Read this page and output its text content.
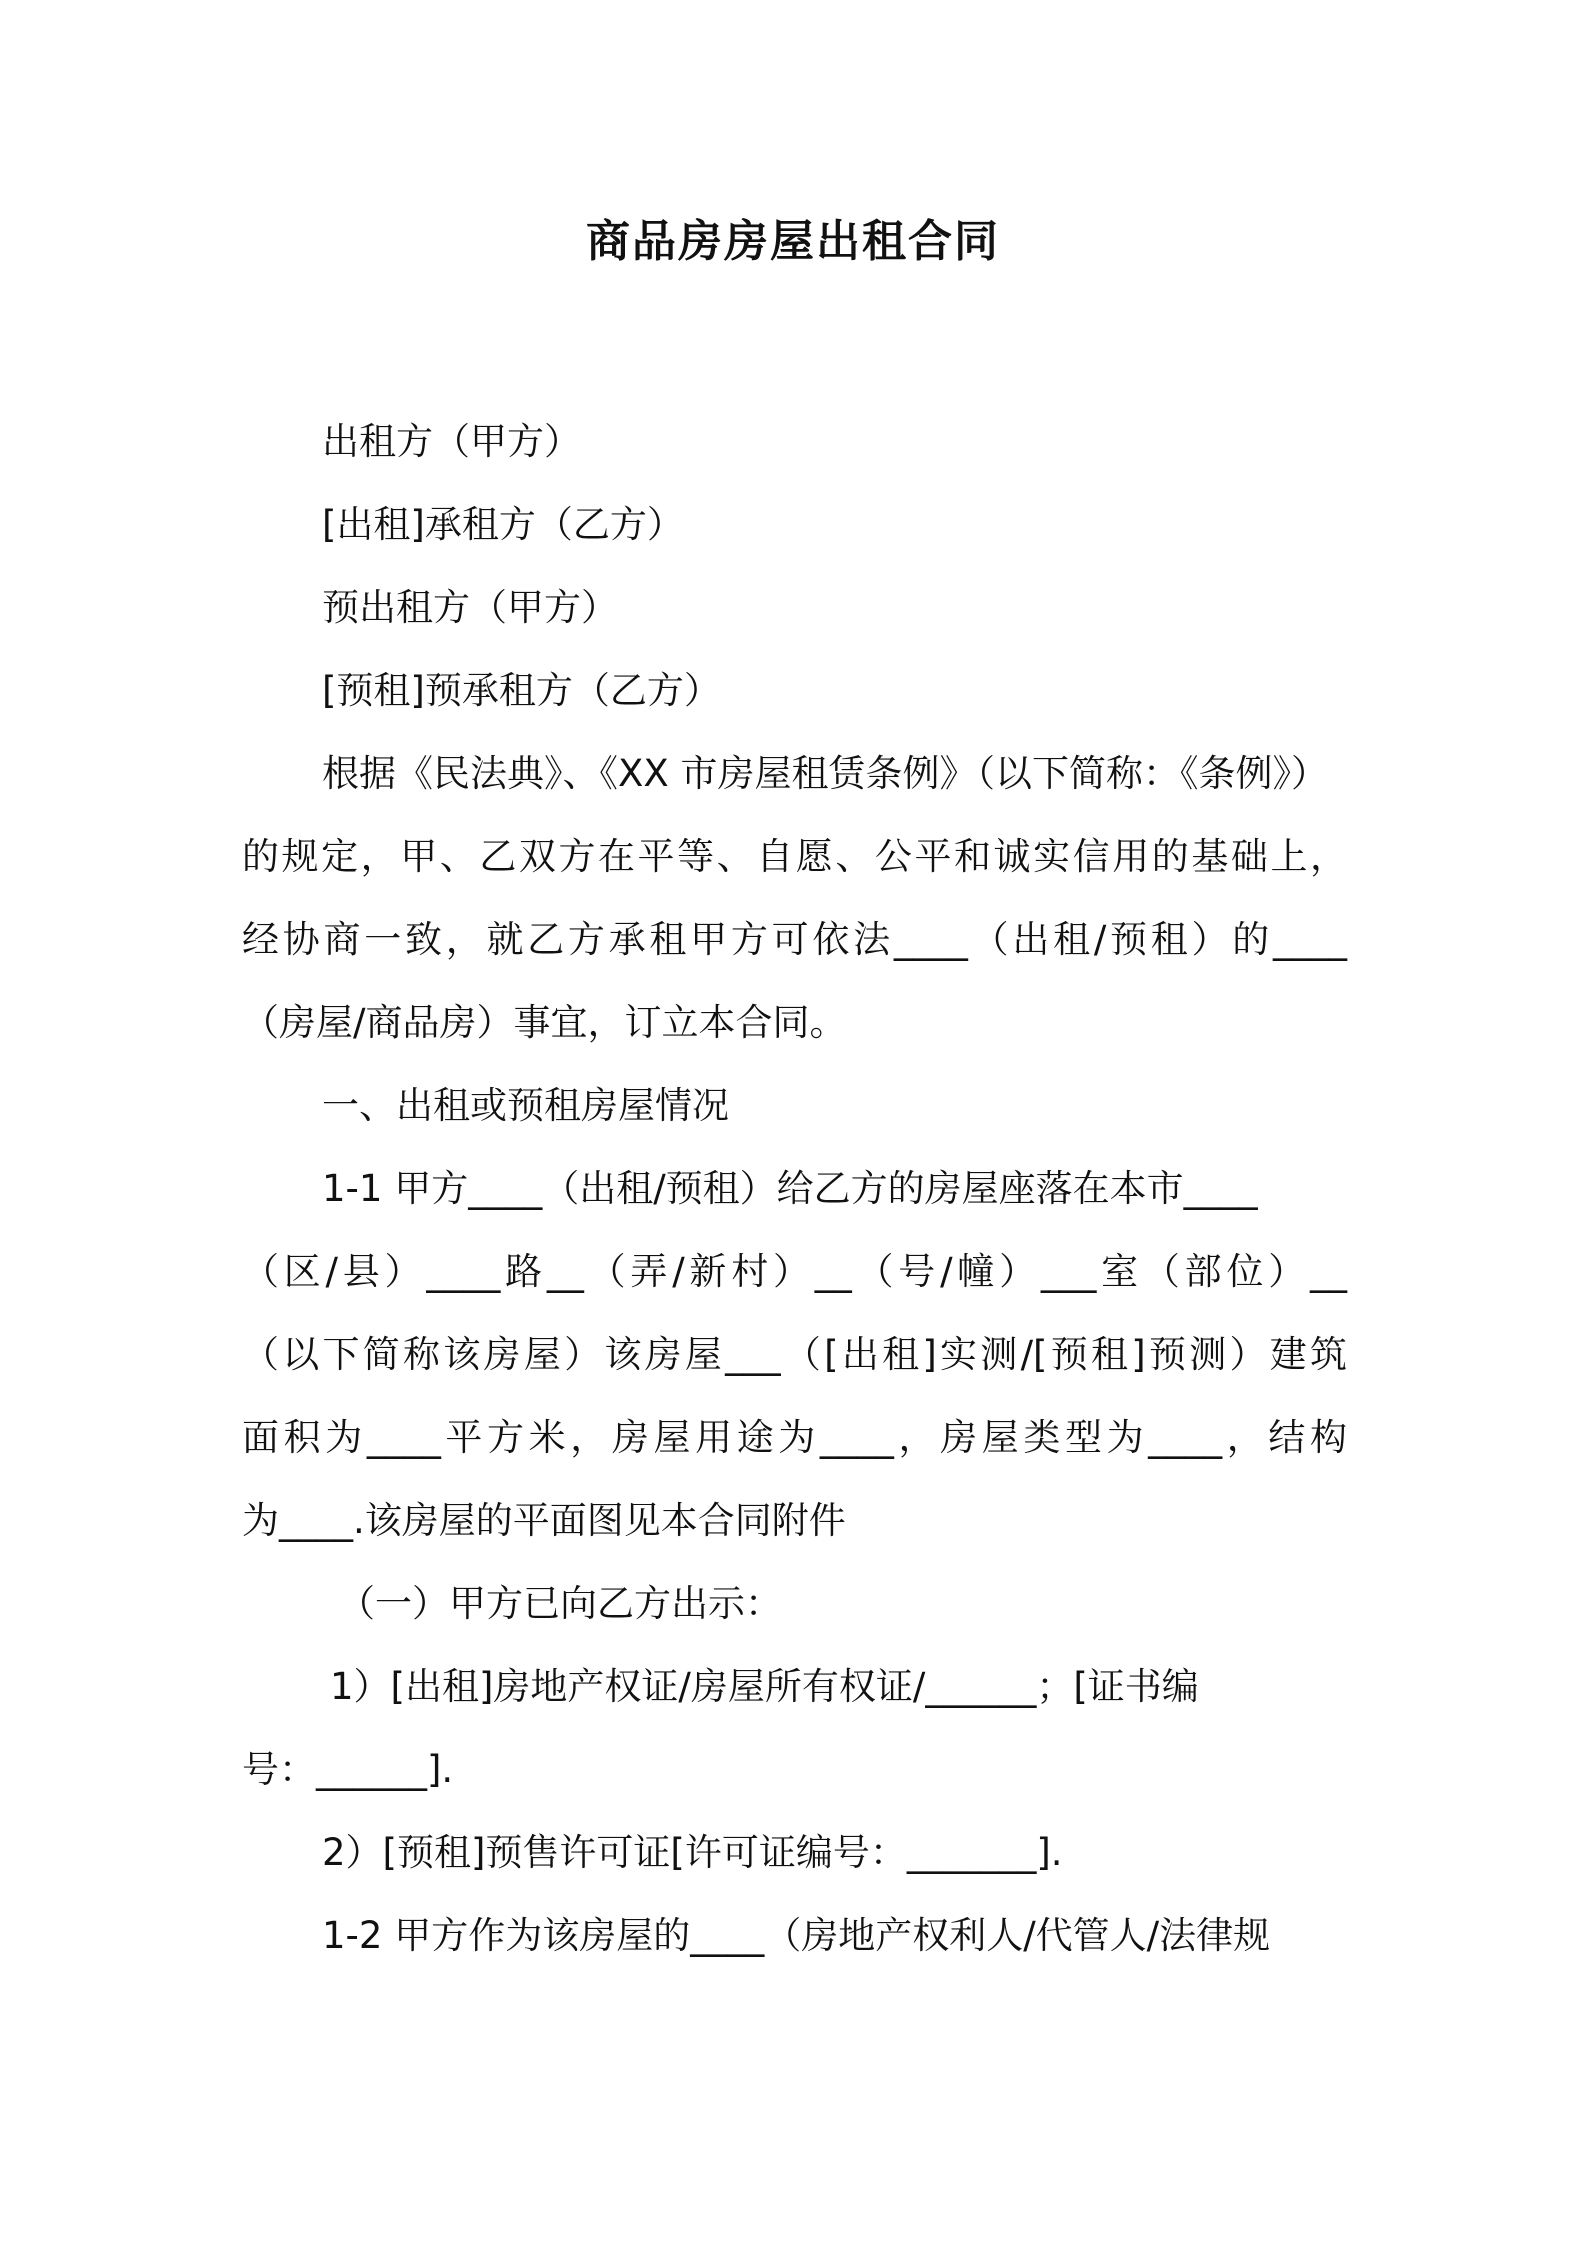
商品房房屋出租合同
出租方（甲方）
[出租]承租方（乙方）
预出租方（甲方）
[预租]预承租方（乙方）
根据《民法典》、《XX 市房屋租赁条例》（以下简称：《条例》）
的规定，甲、乙双方在平等、自愿、公平和诚实信用的基础上，
经协商一致，就乙方承租甲方可依法____（出租/预租）的____
（房屋/商品房）事宜，订立本合同。
一、出租或预租房屋情况
1-1 甲方____（出租/预租）给乙方的房屋座落在本市____
（区/县）____路__（弄/新村）__（号/幢）___室（部位）__
（以下简称该房屋）该房屋___（[出租]实测/[预租]预测）建筑
面积为____平方米，房屋用途为____，房屋类型为____，结构
为____.该房屋的平面图见本合同附件
（一）甲方已向乙方出示：
1）[出租]房地产权证/房屋所有权证/______；[证书编
号：______].
2）[预租]预售许可证[许可证编号：_______].
1-2 甲方作为该房屋的____（房地产权利人/代管人/法律规
